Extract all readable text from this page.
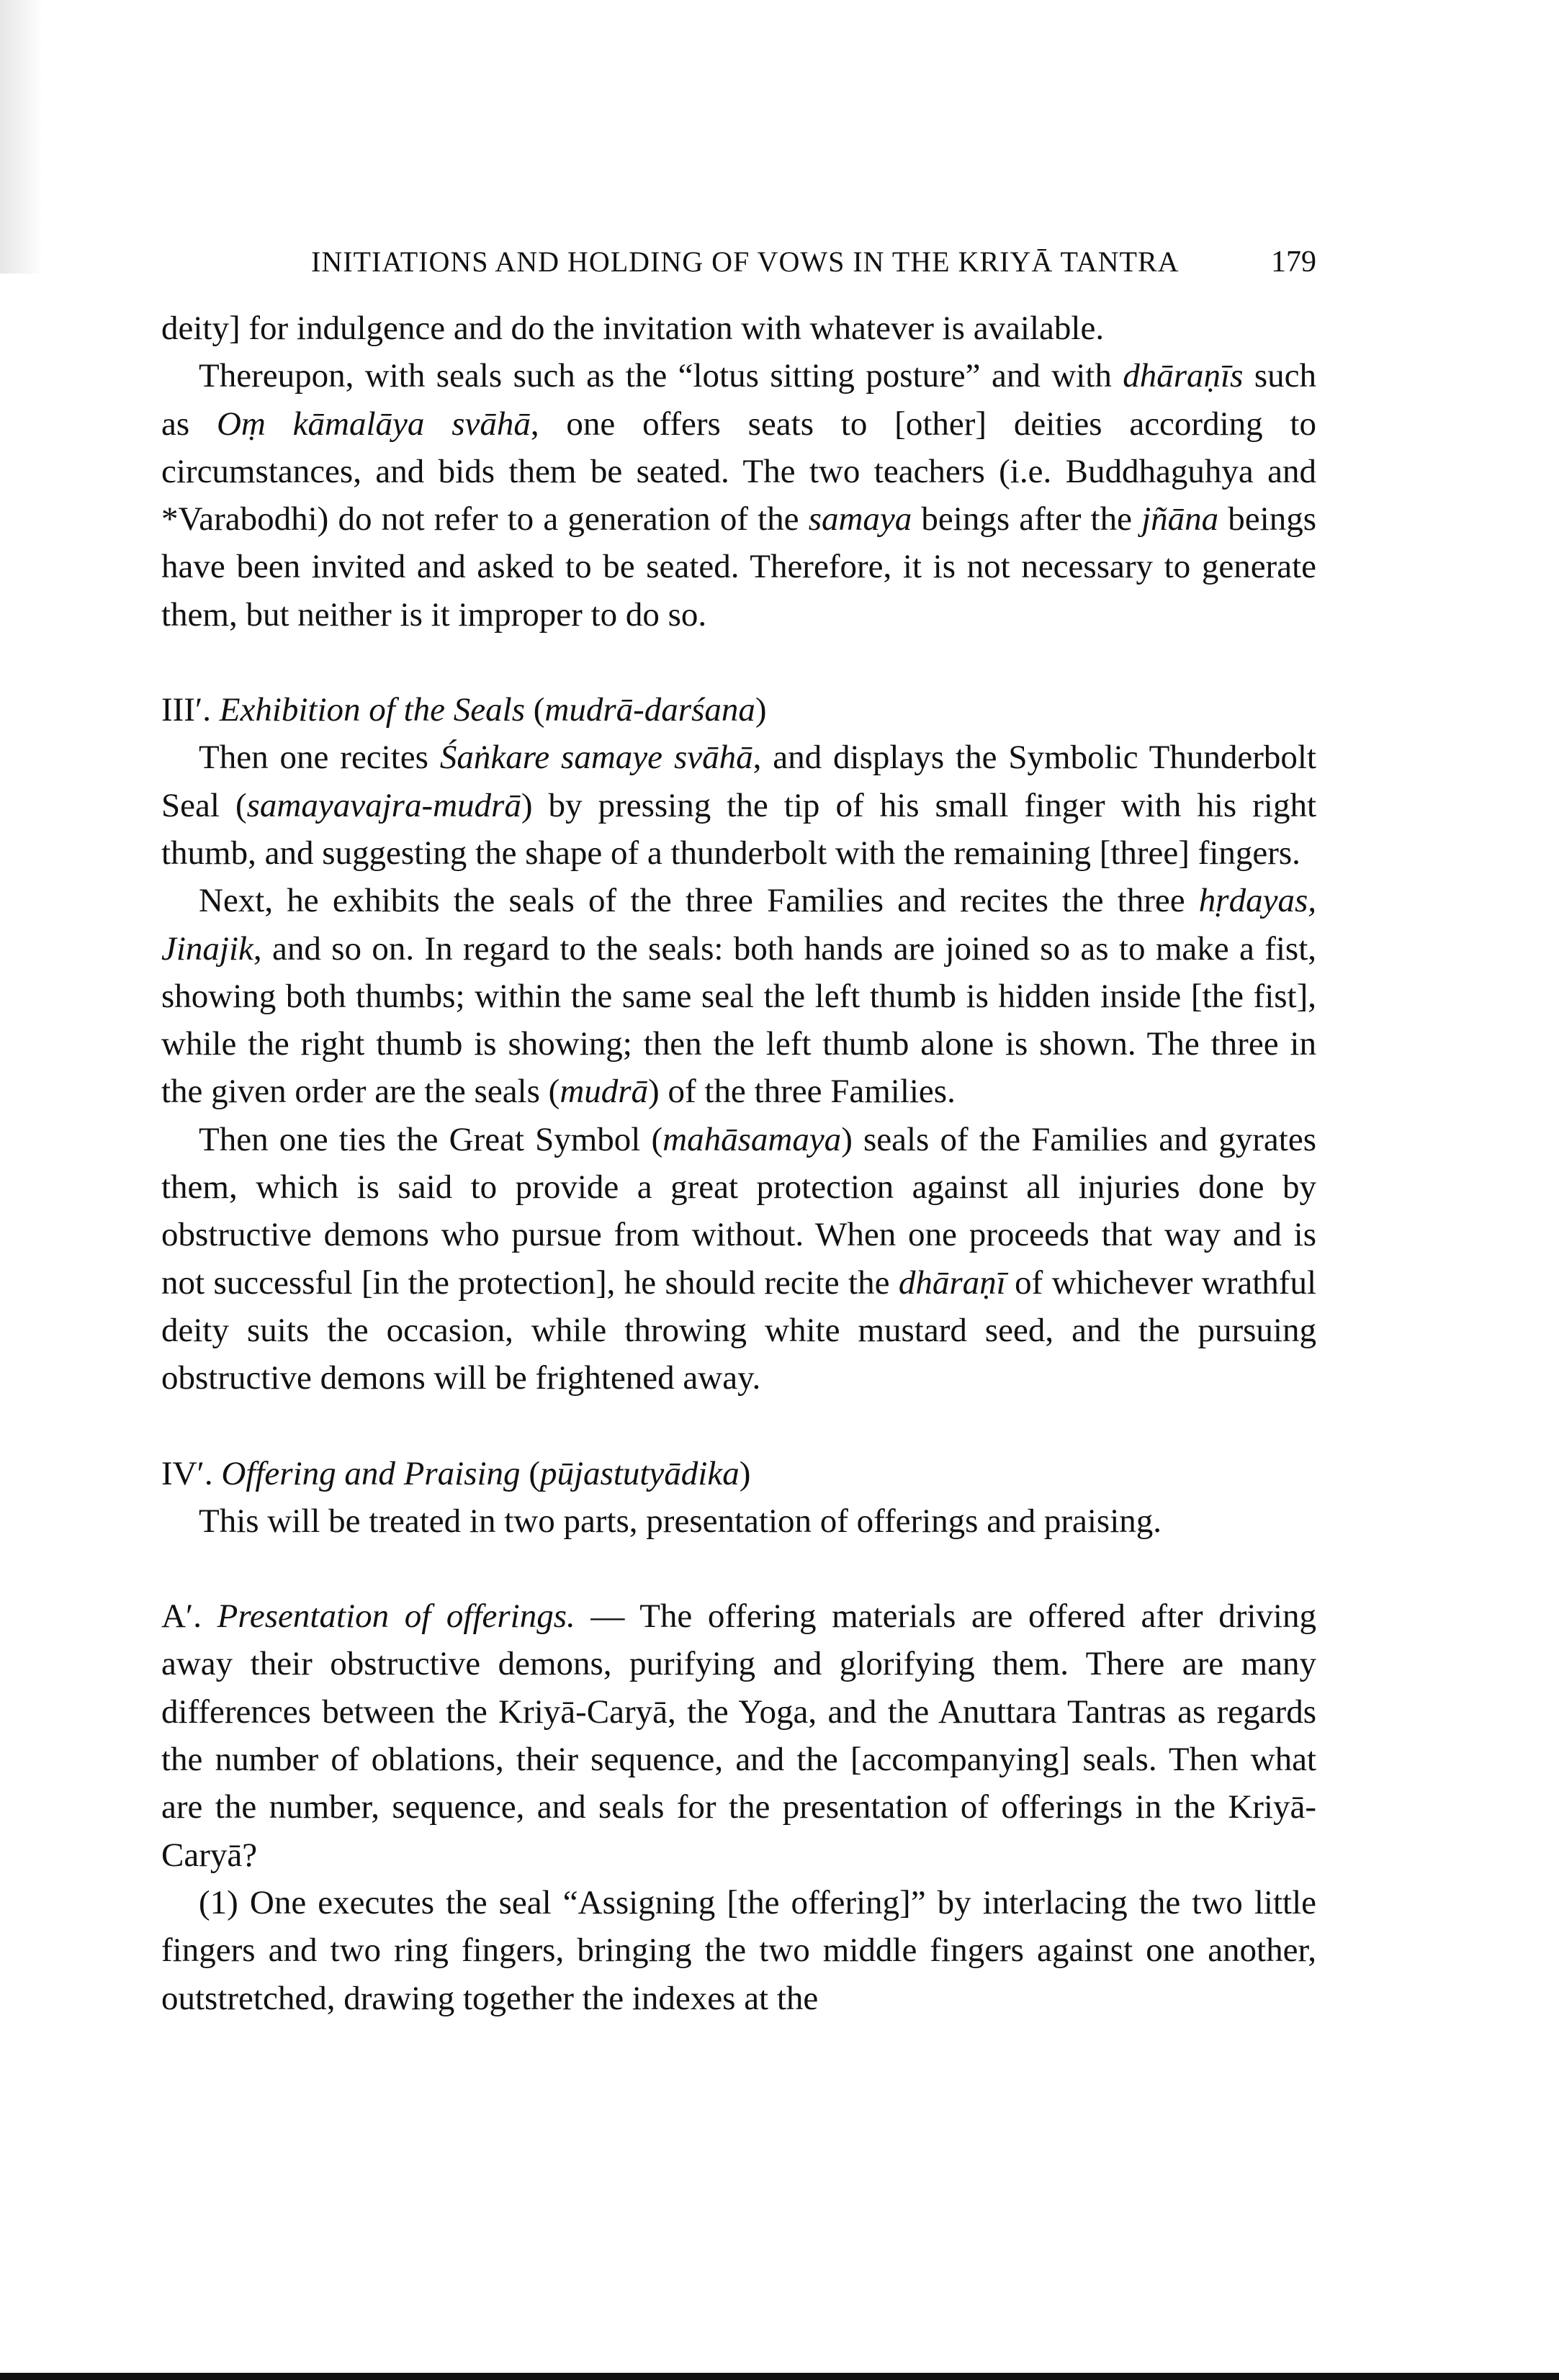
INITIATIONS AND HOLDING OF VOWS IN THE KRIYĀ TANTRA	179

deity] for indulgence and do the invitation with whatever is available.

Thereupon, with seals such as the “lotus sitting posture” and with dhāraṇīs such as Oṃ kāmalāya svāhā, one offers seats to [other] deities according to circumstances, and bids them be seated. The two teachers (i.e. Buddhaguhya and *Varabodhi) do not refer to a generation of the samaya beings after the jñāna beings have been invited and asked to be seated. Therefore, it is not necessary to generate them, but neither is it improper to do so.

III′. Exhibition of the Seals (mudrā-darśana)

Then one recites Śaṅkare samaye svāhā, and displays the Symbolic Thunderbolt Seal (samayavajra-mudrā) by pressing the tip of his small finger with his right thumb, and suggesting the shape of a thunderbolt with the remaining [three] fingers.

Next, he exhibits the seals of the three Families and recites the three hṛdayas, Jinajik, and so on. In regard to the seals: both hands are joined so as to make a fist, showing both thumbs; within the same seal the left thumb is hidden inside [the fist], while the right thumb is showing; then the left thumb alone is shown. The three in the given order are the seals (mudrā) of the three Families.

Then one ties the Great Symbol (mahāsamaya) seals of the Families and gyrates them, which is said to provide a great protection against all injuries done by obstructive demons who pursue from without. When one proceeds that way and is not successful [in the protection], he should recite the dhāraṇī of whichever wrathful deity suits the occasion, while throwing white mustard seed, and the pursuing obstructive demons will be frightened away.

IV′. Offering and Praising (pūjastutyādika)

This will be treated in two parts, presentation of offerings and praising.

A′. Presentation of offerings. — The offering materials are offered after driving away their obstructive demons, purifying and glorifying them. There are many differences between the Kriyā-Caryā, the Yoga, and the Anuttara Tantras as regards the number of oblations, their sequence, and the [accompanying] seals. Then what are the number, sequence, and seals for the presentation of offerings in the Kriyā-Caryā?

(1) One executes the seal “Assigning [the offering]” by interlacing the two little fingers and two ring fingers, bringing the two middle fingers against one another, outstretched, drawing together the indexes at the
